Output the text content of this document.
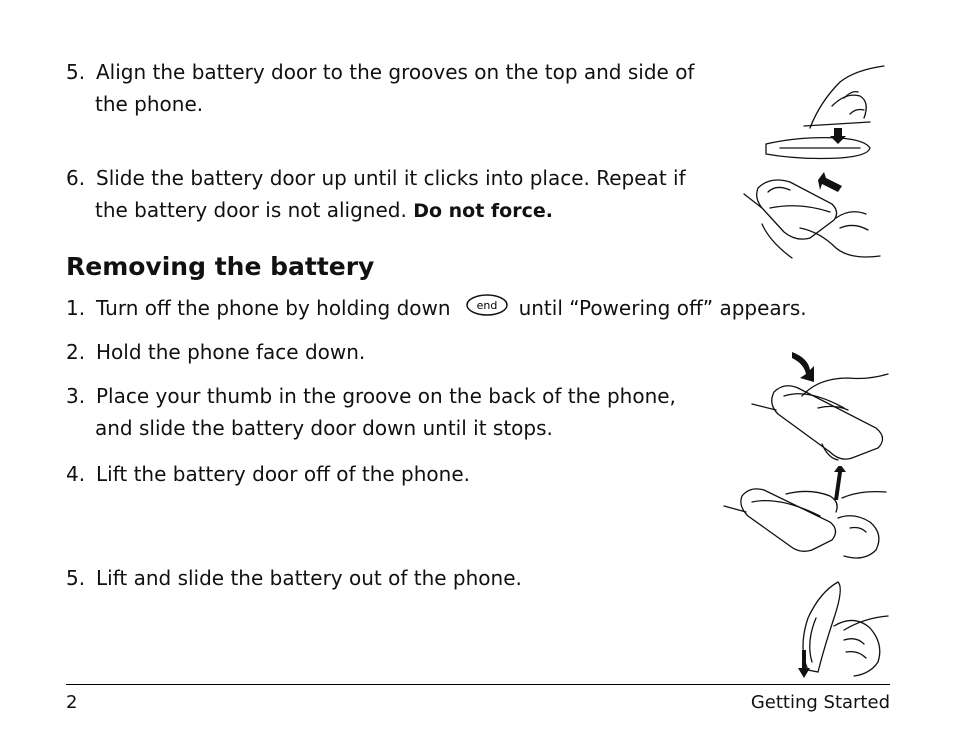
5. Align the battery door to the grooves on the top and side of
the phone.
6. Slide the battery door up until it clicks into place. Repeat if
the battery door is not aligned. Do not force.
Removing the battery
1. Turn off the phone by holding down end until “Powering off” appears.
2. Hold the phone face down.
3. Place your thumb in the groove on the back of the phone,
and slide the battery door down until it stops.
4. Lift the battery door off of the phone.
5. Lift and slide the battery out of the phone.
2	Getting Started
